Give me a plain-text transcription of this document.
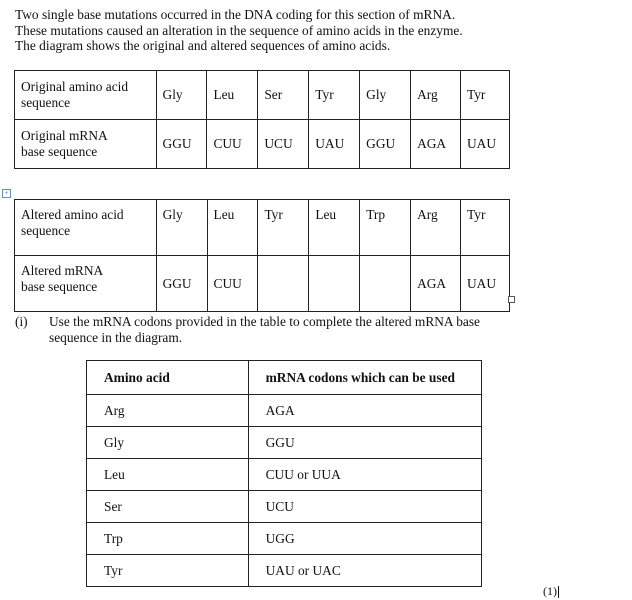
Two single base mutations occurred in the DNA coding for this section of mRNA.
These mutations caused an alteration in the sequence of amino acids in the enzyme.
The diagram shows the original and altered sequences of amino acids.
Original amino acid
sequence	Gly	Leu	Ser	Tyr	Gly	Arg	Tyr
Original mRNA
base sequence	GGU	CUU	UCU	UAU	GGU	AGA	UAU
+
Altered amino acid
sequence	Gly	Leu	Tyr	Leu	Trp	Arg	Tyr
Altered mRNA
base sequence	GGU	CUU				AGA	UAU
(i) Use the mRNA codons provided in the table to complete the altered mRNA base
sequence in the diagram.
Amino acid	mRNA codons which can be used
Arg	AGA
Gly	GGU
Leu	CUU or UUA
Ser	UCU
Trp	UGG
Tyr	UAU or UAC
(1)
